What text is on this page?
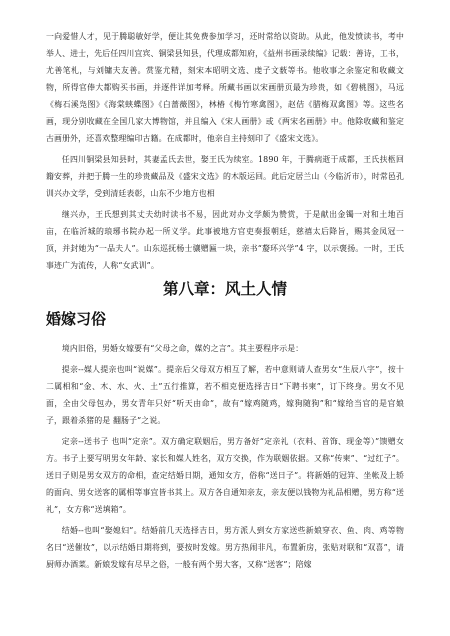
一向爱惜人才，见于腾聪敏好学，便让其免费参加学习，还时常给以资助。从此，他发愤读书，考中举人、进士，先后任四川宜宾、铜梁县知县，代理成都知府，《益州书画录续编》记载：善诗，工书，尤善笔札，与刘镛夫友善。赏鉴尤精，刻宋本昭明文选、虔子文薮等书。他收事之余鉴定和收藏文物，所得官俸大都购买书画，并逐件详加考释。所藏书画以宋画册页最为珍贵，如《碧桃图》，马远《梅石溪凫图》《海棠蛱蝶图》《白蔷薇图》，林椿《梅竹寒禽图》，赵佶《腊梅双禽图》等。这些名画，现分别收藏在全国几家大博物馆，并且编入《宋人画册》或《两宋名画册》中。他除收藏和鉴定古画册外，还喜欢整理编印古籍。在成都时，他亲自主持刻印了《盛宋文选》。

任四川铜梁县知县时，其妻孟氏去世，娶王氏为续室。1890 年，于腾病逝于成都，王氏扶柩回籍安葬，并把于腾一生的珍贵藏品及《盛宋文选》的木版运回。此后定居兰山（今临沂市），时常邑孔训兴办文学，受到清廷表彰，山东不少地方也相

继兴办，王氏想到其丈夫幼时读书不易，因此对办文学颇为赞赏，于是献出金镯一对和土地百亩，在临沂城的琅琊书院办起一所义学。此事被地方官吏奏报朝廷，慈禧太后降旨，赐其金凤冠一顶，并封她为“一品夫人”。山东巡抚杨士骧赠匾一块，亲书“嫠环兴学”4 字，以示褒扬。一时，王氏事迹广为流传，人称“女武训”。

第八章：风土人情
婚嫁习俗

境内旧俗，男婚女嫁要有“父母之命，媒妁之言”。其主要程序示是：

提亲--媒人提亲也叫“说媒”。提亲后父母双方相互了解，若中意则请人查男女“生辰八字”，按十二属相和“金、木、水、火、土”五行推算，若不相克便选择吉日“下聘书柬”，订下终身。男女不见面，全由父母包办，男女青年只好“听天由命”，故有“嫁鸡随鸡，嫁狗随狗”和“嫁给当官的是官娘子，跟着杀猪的是 翻肠子”之说。

定亲--送书子 也叫“定亲”。双方确定联姻后，男方备好“定亲礼（衣料、首饰、现金等）”馈赠女方。书子上要写明男女年龄、家长和媒人姓名，双方交换，作为联姻依据。又称“传柬”、“过红子”。送日子则是男女双方的命相，查定结婚日期，通知女方，俗称“送日子”。将新婚的冠笄、坐帐及上轿的面向、男女送客的属相等事宜皆书其上。双方各自通知亲友，亲友便以钱物为礼品相赠，男方称“送礼”，女方称“送填箱”。

结婚--也叫“娶媳妇”。结婚前几天选择吉日，男方派人到女方家送些新娘穿衣、鱼、肉、鸡等物名曰“送催妆”，以示结婚日期将到，要按时发嫁。男方热闹非凡，布置新房，张贴对联和“双喜”，请厨师办酒菜。新娘发嫁有尽早之俗，一般有两个男大客，又称“送客”；陪嫁
